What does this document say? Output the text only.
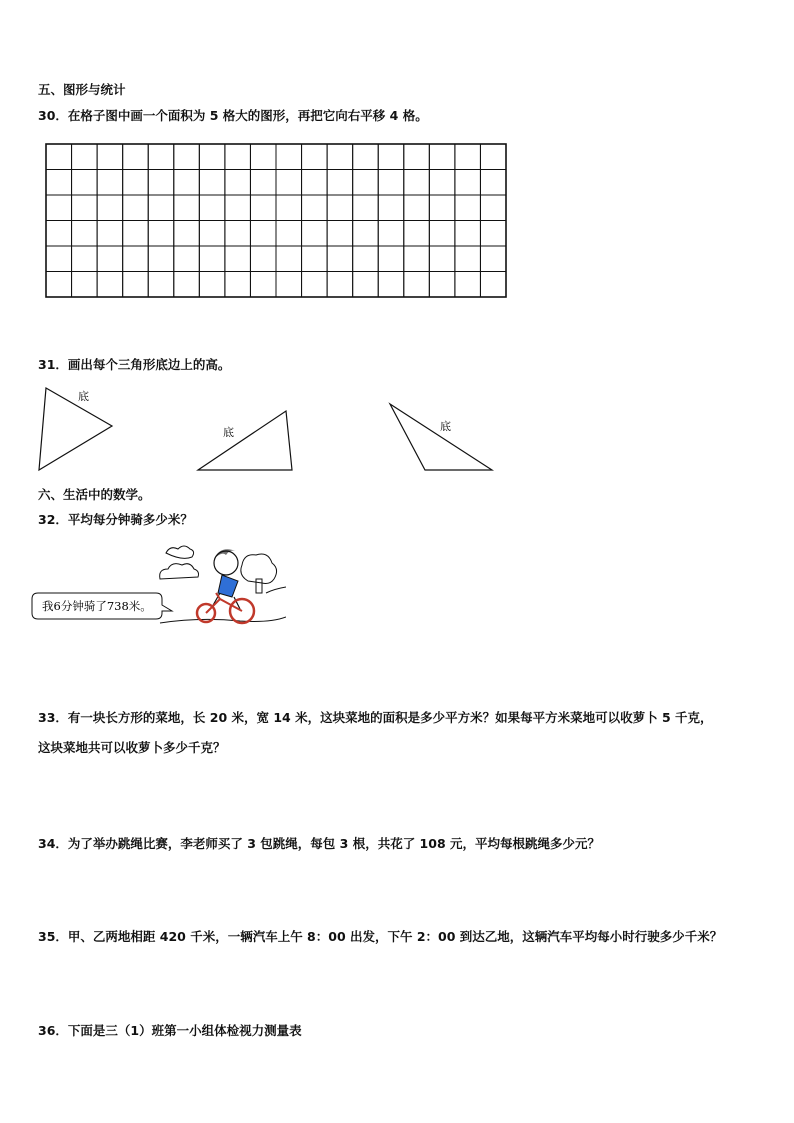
五、图形与统计
30．在格子图中画一个面积为 5 格大的图形，再把它向右平移 4 格。
31．画出每个三角形底边上的高。
底
底	底
六、生活中的数学。
32．平均每分钟骑多少米？
我6分钟骑了738米。
33．有一块长方形的菜地，长 20 米，宽 14 米，这块菜地的面积是多少平方米？如果每平方米菜地可以收萝卜 5 千克，
这块菜地共可以收萝卜多少千克？
34．为了举办跳绳比赛，李老师买了 3 包跳绳，每包 3 根，共花了 108 元，平均每根跳绳多少元？
35．甲、乙两地相距 420 千米，一辆汽车上午 8：00 出发，下午 2：00 到达乙地，这辆汽车平均每小时行驶多少千米？
36．下面是三（1）班第一小组体检视力测量表
